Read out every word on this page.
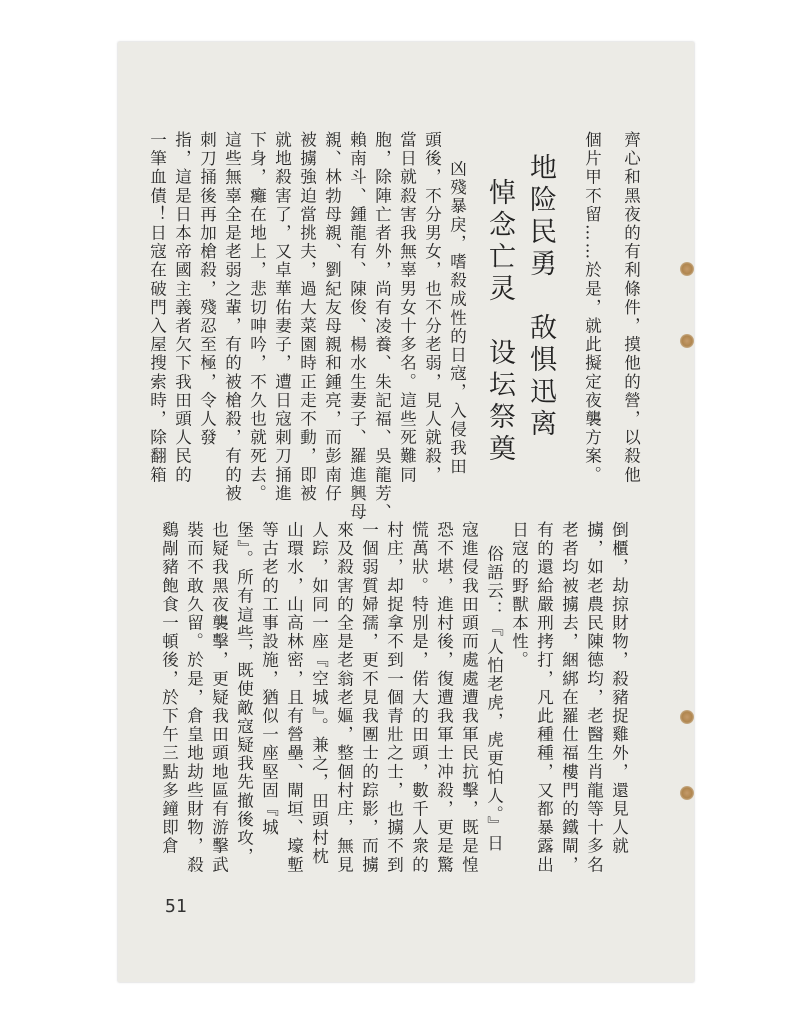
齊心和黑夜的有利條件，摸他的營，以殺他
個片甲不留……於是，就此擬定夜襲方案。
地险民勇　敌惧迅离
悼念亡灵　设坛祭奠
凶殘暴戾，嗜殺成性的日寇，入侵我田
頭後，不分男女，也不分老弱，見人就殺，
當日就殺害我無辜男女十多名。這些死難同
胞，除陣亡者外，尚有凌養、朱記福、吳龍芳、
賴南斗、鍾龍有、陳俊、楊水生妻子、羅進興母
親、林勃母親、劉紀友母親和鍾亮，而彭南仔
被擄強迫當挑夫，過大菜園時正走不動，即被
就地殺害了，又卓華佑妻子，遭日寇刺刀捅進
下身，癱在地上，悲切呻吟，不久也就死去。
這些無辜全是老弱之輩，有的被槍殺，有的被
刺刀捅後再加槍殺，殘忍至極，令人發
指，這是日本帝國主義者欠下我田頭人民的
一筆血債！日寇在破門入屋搜索時，除翻箱
倒櫃，劫掠財物，殺豬捉雞外，還見人就
擄，如老農民陳德均，老醫生肖龍等十多名
老者均被擄去，綑綁在羅仕福樓門的鐵閘，
有的還給嚴刑拷打，凡此種種，又都暴露出
日寇的野獸本性。
俗語云：『人怕老虎，虎更怕人。』日
寇進侵我田頭而處處遭我軍民抗擊，既是惶
恐不堪，進村後，復遭我軍士冲殺，更是驚
慌萬狀。特別是，偌大的田頭，數千人衆的
村庄，却捉拿不到一個青壯之士，也擄不到
一個弱質婦孺，更不見我團士的踪影，而擄
來及殺害的全是老翁老嫗，整個村庄，無見
人踪，如同一座『空城』。兼之，田頭村枕
山環水，山高林密，且有營壘、閘垣、壕塹
等古老的工事設施，猶似一座堅固『城
堡』。所有這些，既使敵寇疑我先撤後攻，
也疑我黑夜襲擊，更疑我田頭地區有游擊武
裝而不敢久留。於是，倉皇地劫些財物，殺
鷄剮豬飽食一頓後，於下午三點多鐘即倉
51
